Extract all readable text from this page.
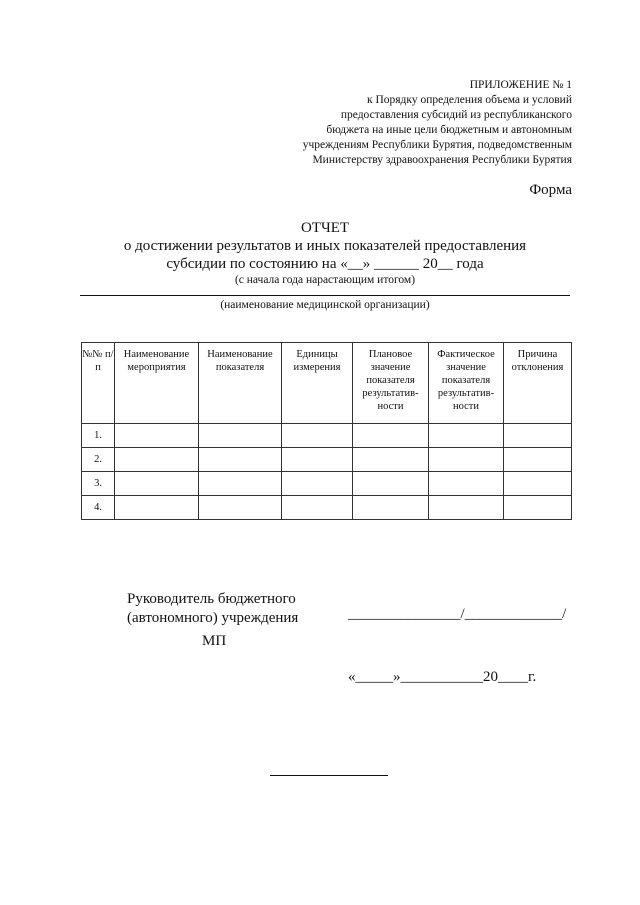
ПРИЛОЖЕНИЕ № 1
к Порядку определения объема и условий
предоставления субсидий из республиканского
бюджета на иные цели бюджетным и автономным
учреждениям Республики Бурятия, подведомственным
Министерству здравоохранения Республики Бурятия
Форма
ОТЧЕТ
о достижении результатов и иных показателей предоставления
субсидии по состоянию на «__» ______ 20__ года
(с начала года нарастающим итогом)
(наименование медицинской организации)
№№ п/п	Наименование мероприятия	Наименование показателя	Единицы измерения	Плановое значение показателя результатив-ности	Фактическое значение показателя результатив-ности	Причина отклонения
1.						
2.						
3.						
4.						
Руководитель бюджетного
(автономного) учреждения	_______________/_____________/
МП
«_____»___________20____г.
